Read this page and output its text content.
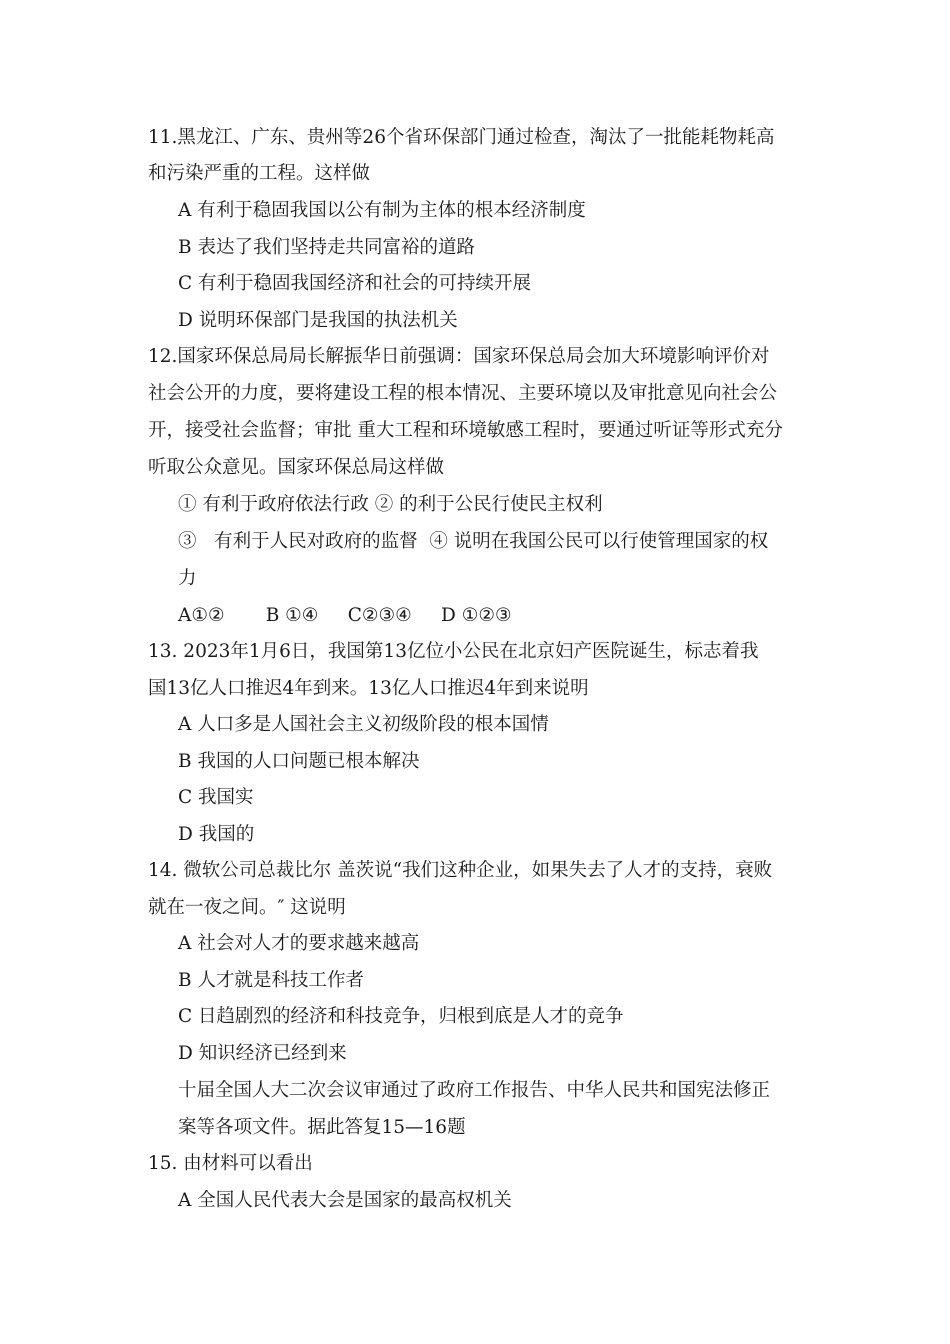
11.黑龙江、广东、贵州等26个省环保部门通过检查，淘汰了一批能耗物耗高
和污染严重的工程。这样做
A 有利于稳固我国以公有制为主体的根本经济制度
B 表达了我们坚持走共同富裕的道路
C 有利于稳固我国经济和社会的可持续开展
D 说明环保部门是我国的执法机关
12.国家环保总局局长解振华日前强调：国家环保总局会加大环境影响评价对
社会公开的力度，要将建设工程的根本情况、主要环境以及审批意见向社会公
开，接受社会监督；审批 重大工程和环境敏感工程时，要通过听证等形式充分
听取公众意见。国家环保总局这样做
① 有利于政府依法行政 ② 的利于公民行使民主权利
③   有利于人民对政府的监督  ④ 说明在我国公民可以行使管理国家的权
力
A①②       B ①④     C②③④     D ①②③
13. 2023年1月6日，我国第13亿位小公民在北京妇产医院诞生，标志着我
国13亿人口推迟4年到来。13亿人口推迟4年到来说明
A 人口多是人国社会主义初级阶段的根本国情
B 我国的人口问题已根本解决
C 我国实
D 我国的
14. 微软公司总裁比尔 盖茨说“我们这种企业，如果失去了人才的支持，衰败
就在一夜之间。″ 这说明
A 社会对人才的要求越来越高
B 人才就是科技工作者
C 日趋剧烈的经济和科技竞争，归根到底是人才的竞争
D 知识经济已经到来
十届全国人大二次会议审通过了政府工作报告、中华人民共和国宪法修正
案等各项文件。据此答复15—16题
15. 由材料可以看出
A 全国人民代表大会是国家的最高权机关
